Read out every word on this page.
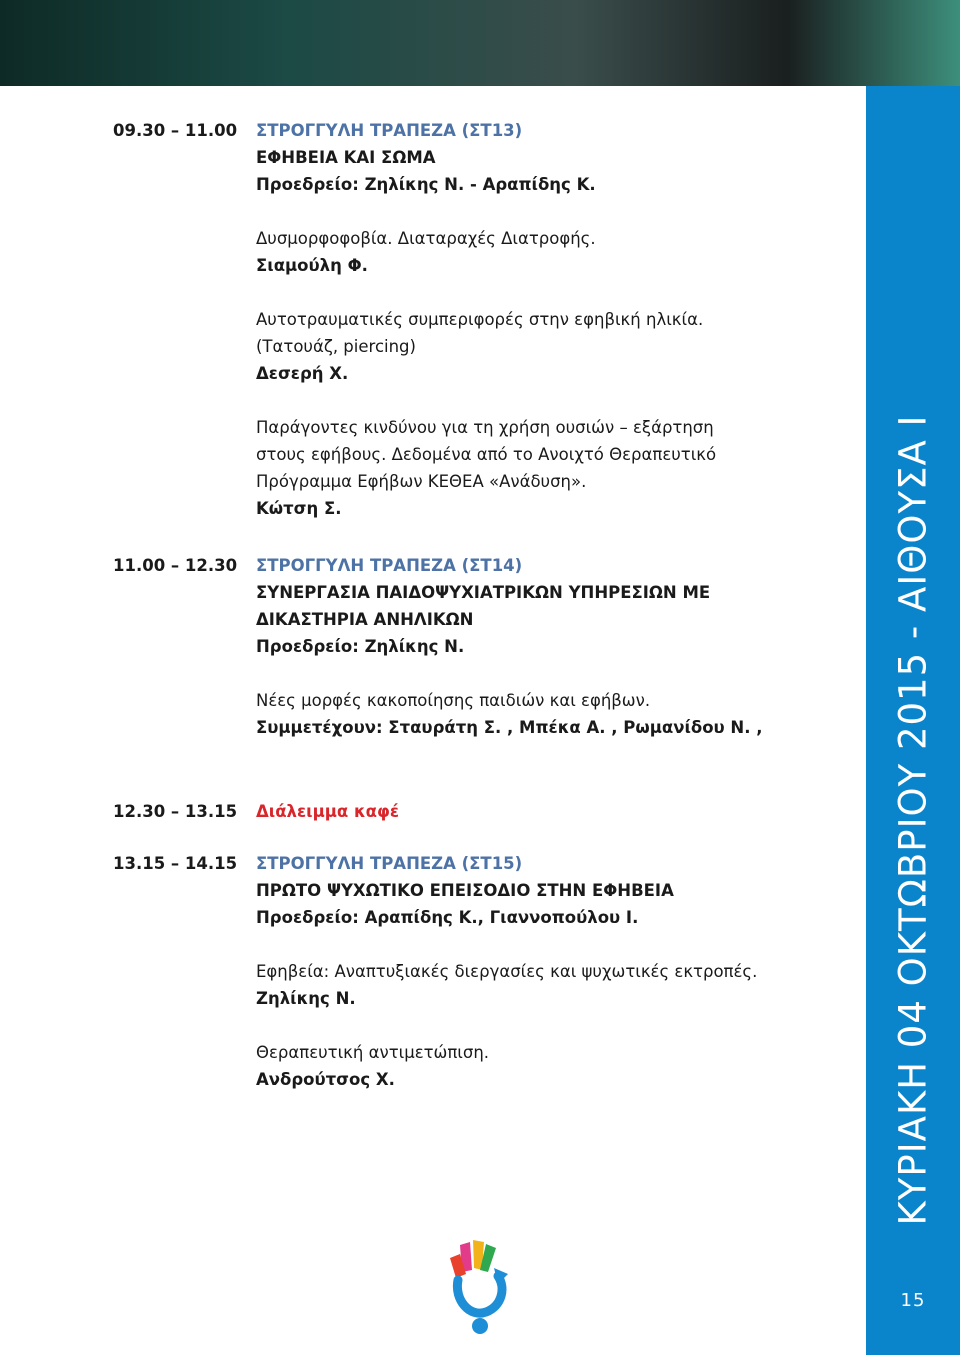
ΚΥΡΙΑΚΗ 04 ΟΚΤΩΒΡΙΟΥ 2015 - ΑΙΘΟΥΣΑ Ι
15
09.30 – 11.00 ΣΤΡΟΓΓΥΛΗ ΤΡΑΠΕΖΑ (ΣΤ13)
ΕΦΗΒΕΙΑ ΚΑΙ ΣΩΜΑ
Προεδρείο: Ζηλίκης Ν. - Αραπίδης Κ.
Δυσμορφοφοβία. Διαταραχές Διατροφής.
Σιαμούλη Φ.
Αυτοτραυματικές συμπεριφορές στην εφηβική ηλικία.
(Τατουάζ, piercing)
Δεσερή Χ.
Παράγοντες κινδύνου για τη χρήση ουσιών – εξάρτηση
στους εφήβους. Δεδομένα από το Ανοιχτό Θεραπευτικό
Πρόγραμμα Εφήβων ΚΕΘΕΑ «Ανάδυση».
Κώτση Σ.
11.00 – 12.30 ΣΤΡΟΓΓΥΛΗ ΤΡΑΠΕΖΑ (ΣΤ14)
ΣΥΝΕΡΓΑΣΙΑ ΠΑΙΔΟΨΥΧΙΑΤΡΙΚΩΝ ΥΠΗΡΕΣΙΩΝ ΜΕ
ΔΙΚΑΣΤΗΡΙΑ ΑΝΗΛΙΚΩΝ
Προεδρείο: Ζηλίκης Ν.
Νέες μορφές κακοποίησης παιδιών και εφήβων.
Συμμετέχουν: Σταυράτη Σ. , Μπέκα Α. , Ρωμανίδου Ν. ,
12.30 – 13.15 Διάλειμμα καφέ
13.15 – 14.15 ΣΤΡΟΓΓΥΛΗ ΤΡΑΠΕΖΑ (ΣΤ15)
ΠΡΩΤΟ ΨΥΧΩΤΙΚΟ ΕΠΕΙΣΟΔΙΟ ΣΤΗΝ ΕΦΗΒΕΙΑ
Προεδρείο: Αραπίδης Κ., Γιαννοπούλου Ι.
Εφηβεία: Αναπτυξιακές διεργασίες και ψυχωτικές εκτροπές.
Ζηλίκης Ν.
Θεραπευτική αντιμετώπιση.
Ανδρούτσος Χ.
